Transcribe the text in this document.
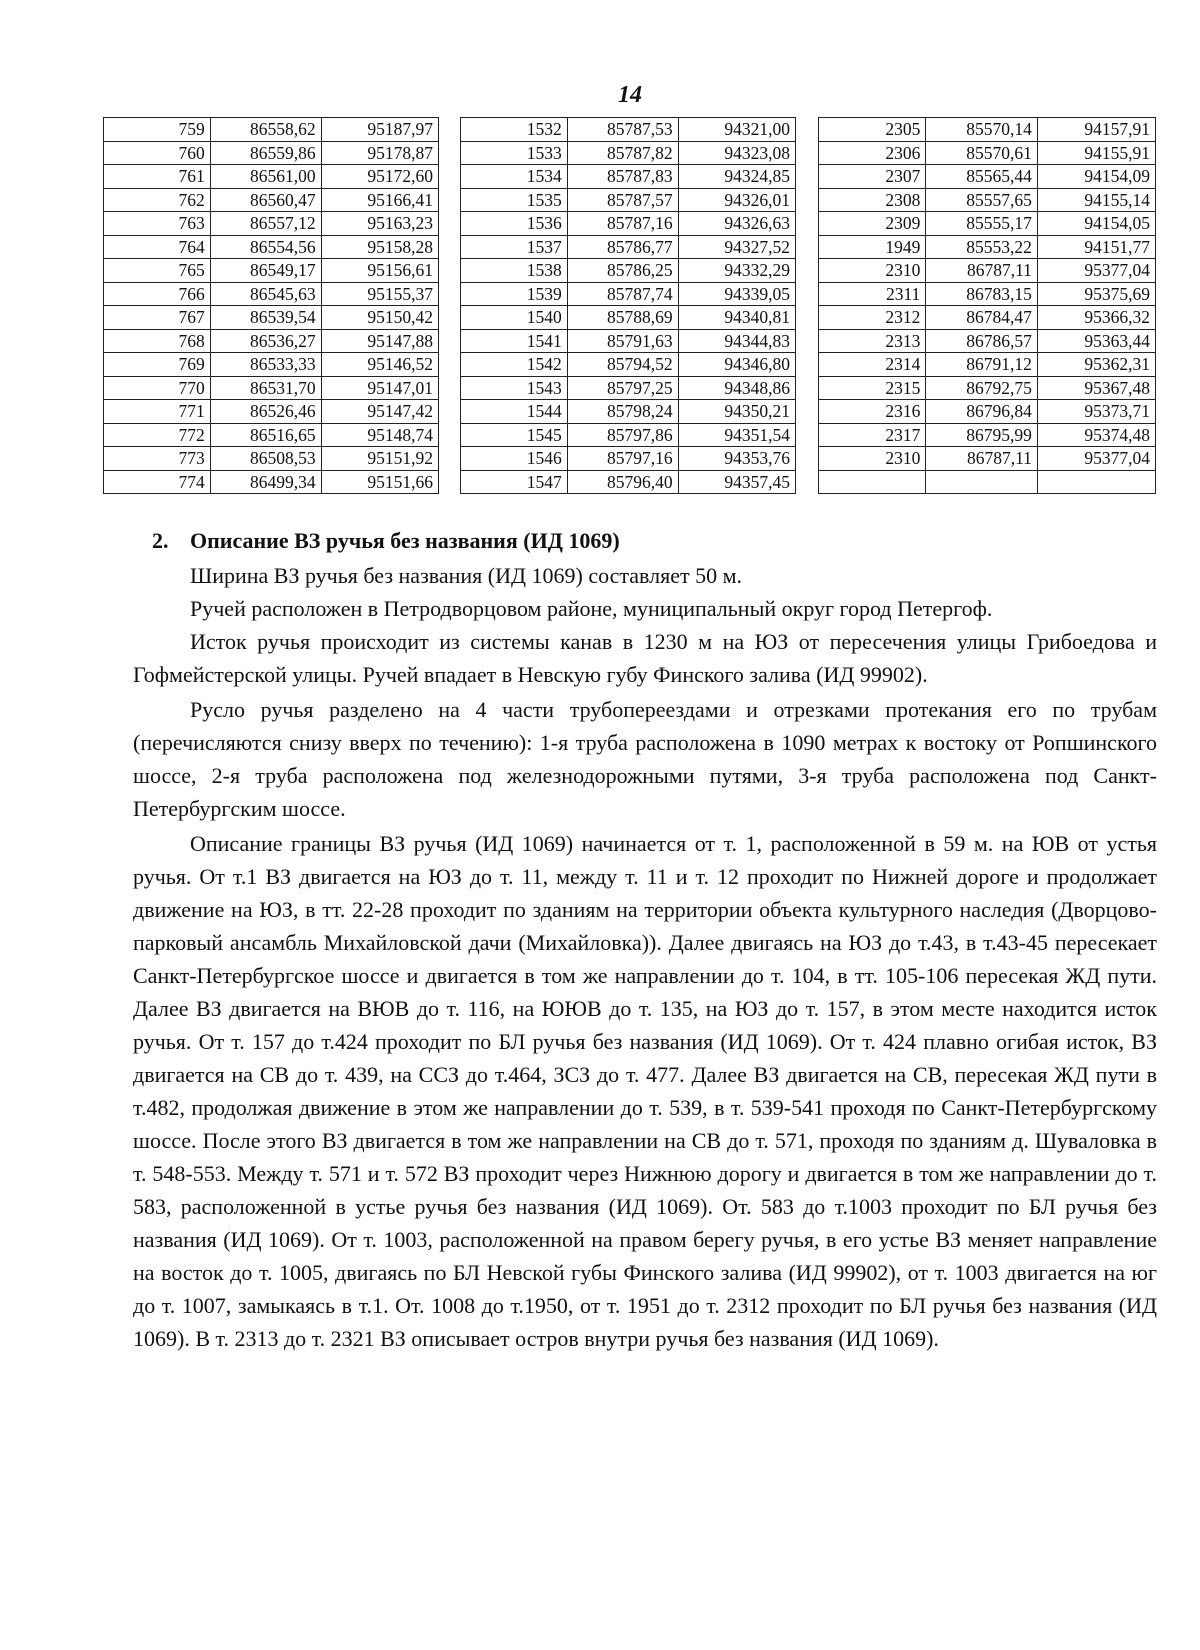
14
759	86558,62	95187,97
760	86559,86	95178,87
761	86561,00	95172,60
762	86560,47	95166,41
763	86557,12	95163,23
764	86554,56	95158,28
765	86549,17	95156,61
766	86545,63	95155,37
767	86539,54	95150,42
768	86536,27	95147,88
769	86533,33	95146,52
770	86531,70	95147,01
771	86526,46	95147,42
772	86516,65	95148,74
773	86508,53	95151,92
774	86499,34	95151,66
1532	85787,53	94321,00
1533	85787,82	94323,08
1534	85787,83	94324,85
1535	85787,57	94326,01
1536	85787,16	94326,63
1537	85786,77	94327,52
1538	85786,25	94332,29
1539	85787,74	94339,05
1540	85788,69	94340,81
1541	85791,63	94344,83
1542	85794,52	94346,80
1543	85797,25	94348,86
1544	85798,24	94350,21
1545	85797,86	94351,54
1546	85797,16	94353,76
1547	85796,40	94357,45
2305	85570,14	94157,91
2306	85570,61	94155,91
2307	85565,44	94154,09
2308	85557,65	94155,14
2309	85555,17	94154,05
1949	85553,22	94151,77
2310	86787,11	95377,04
2311	86783,15	95375,69
2312	86784,47	95366,32
2313	86786,57	95363,44
2314	86791,12	95362,31
2315	86792,75	95367,48
2316	86796,84	95373,71
2317	86795,99	95374,48
2310	86787,11	95377,04

2. Описание ВЗ ручья без названия (ИД 1069)

Ширина ВЗ ручья без названия (ИД 1069) составляет 50 м.

Ручей расположен в Петродворцовом районе, муниципальный округ город Петергоф.

Исток ручья происходит из системы канав в 1230 м на ЮЗ от пересечения улицы Грибоедова и Гофмейстерской улицы. Ручей впадает в Невскую губу Финского залива (ИД 99902).

Русло ручья разделено на 4 части трубопереездами и отрезками протекания его по трубам (перечисляются снизу вверх по течению): 1-я труба расположена в 1090 метрах к востоку от Ропшинского шоссе, 2-я труба расположена под железнодорожными путями, 3-я труба расположена под Санкт-Петербургским шоссе.

Описание границы ВЗ ручья (ИД 1069) начинается от т. 1, расположенной в 59 м. на ЮВ от устья ручья. От т.1 ВЗ двигается на ЮЗ до т. 11, между т. 11 и т. 12 проходит по Нижней дороге и продолжает движение на ЮЗ, в тт. 22-28 проходит по зданиям на территории объекта культурного наследия (Дворцово-парковый ансамбль Михайловской дачи (Михайловка)). Далее двигаясь на ЮЗ до т.43, в т.43-45 пересекает Санкт-Петербургское шоссе и двигается в том же направлении до т. 104, в тт. 105-106 пересекая ЖД пути. Далее ВЗ двигается на ВЮВ до т. 116, на ЮЮВ до т. 135, на ЮЗ до т. 157, в этом месте находится исток ручья. От т. 157 до т.424 проходит по БЛ ручья без названия (ИД 1069). От т. 424 плавно огибая исток, ВЗ двигается на СВ до т. 439, на ССЗ до т.464, ЗСЗ до т. 477. Далее ВЗ двигается на СВ, пересекая ЖД пути в т.482, продолжая движение в этом же направлении до т. 539, в т. 539-541 проходя по Санкт-Петербургскому шоссе. После этого ВЗ двигается в том же направлении на СВ до т. 571, проходя по зданиям д. Шуваловка в т. 548-553. Между т. 571 и т. 572 ВЗ проходит через Нижнюю дорогу и двигается в том же направлении до т. 583, расположенной в устье ручья без названия (ИД 1069). От. 583 до т.1003 проходит по БЛ ручья без названия (ИД 1069). От т. 1003, расположенной на правом берегу ручья, в его устье ВЗ меняет направление на восток до т. 1005, двигаясь по БЛ Невской губы Финского залива (ИД 99902), от т. 1003 двигается на юг до т. 1007, замыкаясь в т.1. От. 1008 до т.1950, от т. 1951 до т. 2312 проходит по БЛ ручья без названия (ИД 1069). В т. 2313 до т. 2321 ВЗ описывает остров внутри ручья без названия (ИД 1069).
